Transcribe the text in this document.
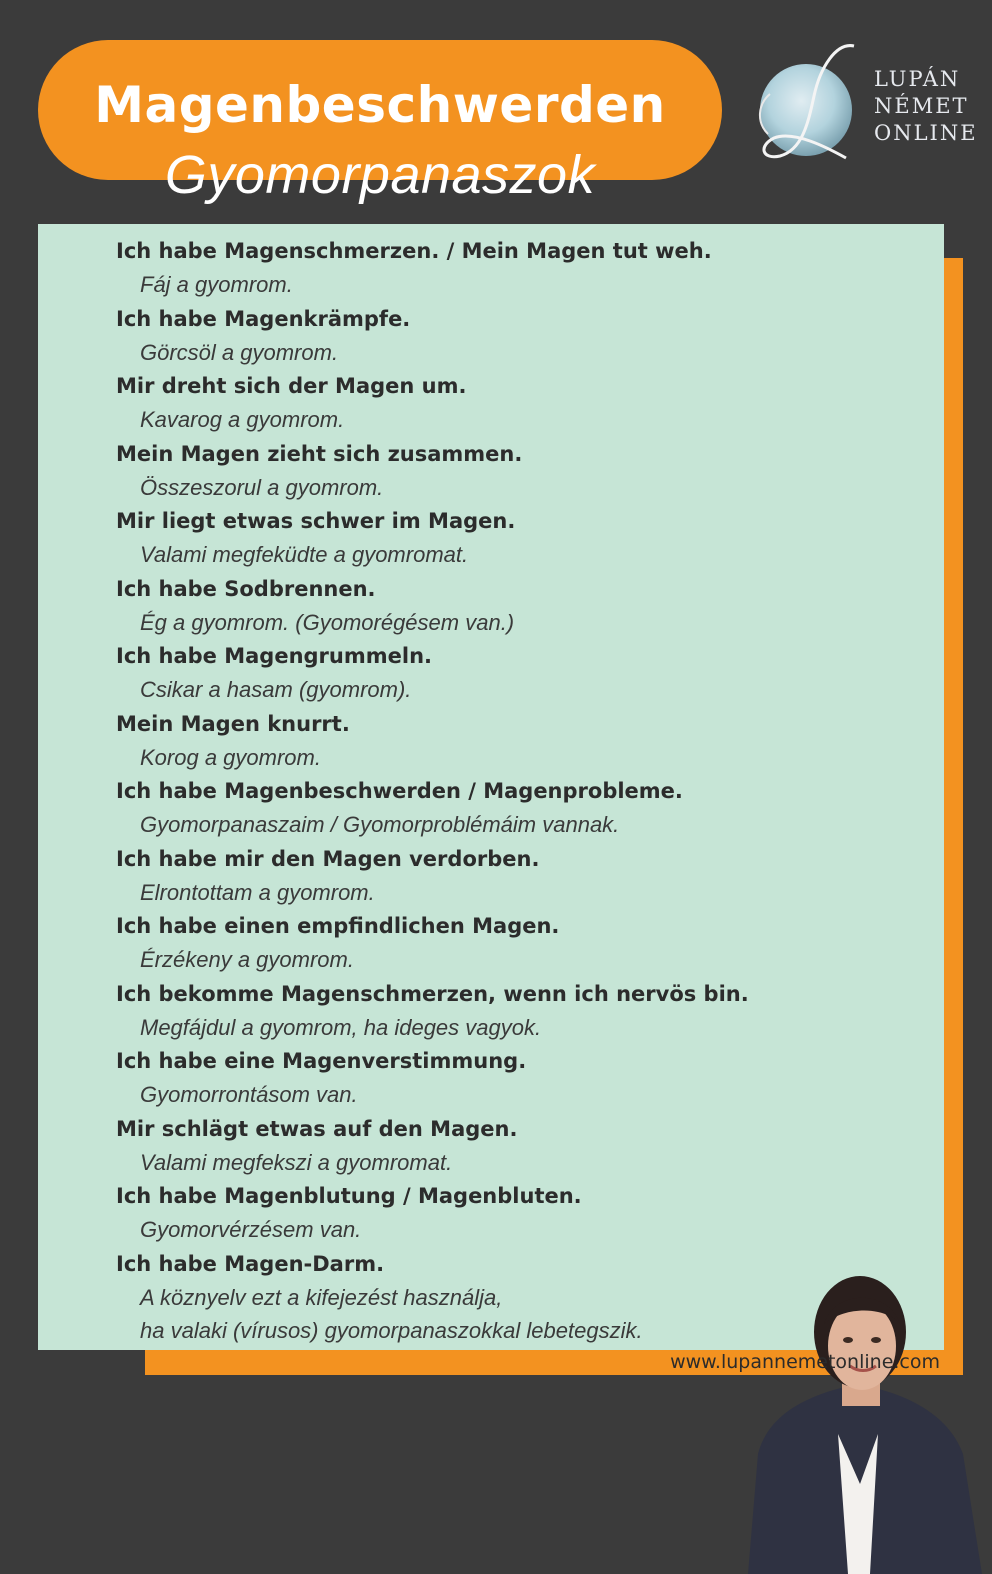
Magenbeschwerden
Gyomorpanaszok
LUPÁN
NÉMET
ONLINE
Ich habe Magenschmerzen. / Mein Magen tut weh.
Fáj a gyomrom.
Ich habe Magenkrämpfe.
Görcsöl a gyomrom.
Mir dreht sich der Magen um.
Kavarog a gyomrom.
Mein Magen zieht sich zusammen.
Összeszorul a gyomrom.
Mir liegt etwas schwer im Magen.
Valami megfeküdte a gyomromat.
Ich habe Sodbrennen.
Ég a gyomrom. (Gyomorégésem van.)
Ich habe Magengrummeln.
Csikar a hasam (gyomrom).
Mein Magen knurrt.
Korog a gyomrom.
Ich habe Magenbeschwerden / Magenprobleme.
Gyomorpanaszaim / Gyomorproblémáim vannak.
Ich habe mir den Magen verdorben.
Elrontottam a gyomrom.
Ich habe einen empfindlichen Magen.
Érzékeny a gyomrom.
Ich bekomme Magenschmerzen, wenn ich nervös bin.
Megfájdul a gyomrom, ha ideges vagyok.
Ich habe eine Magenverstimmung.
Gyomorrontásom van.
Mir schlägt etwas auf den Magen.
Valami megfekszi a gyomromat.
Ich habe Magenblutung / Magenbluten.
Gyomorvérzésem van.
Ich habe Magen-Darm.
A köznyelv ezt a kifejezést használja,
ha valaki (vírusos) gyomorpanaszokkal lebetegszik.
www.lupannemetonline.com
